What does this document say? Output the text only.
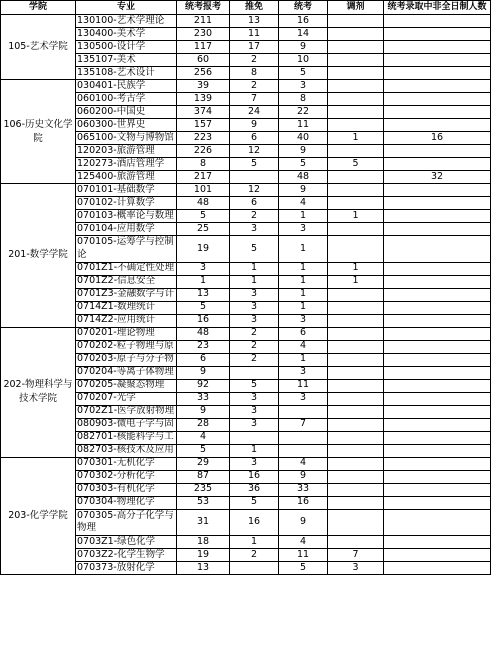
学院	专业	统考报考	推免	统考	调剂	统考录取中非全日制人数
105-艺术学院	130100-艺术学理论	211	13	16		
	130400-美术学	230	11	14		
	130500-设计学	117	17	9		
	135107-美术	60	2	10		
	135108-艺术设计	256	8	5		
106-历史文化学院	030401-民族学	39	2	3		
	060100-考古学	139	7	8		
	060200-中国史	374	24	22		
	060300-世界史	157	9	11		
	065100-文物与博物馆	223	6	40	1	16
	120203-旅游管理	226	12	9		
	120273-酒店管理学	8	5	5	5	
	125400-旅游管理	217		48		32
201-数学学院	070101-基础数学	101	12	9		
	070102-计算数学	48	6	4		
	070103-概率论与数理	5	2	1	1	
	070104-应用数学	25	3	3		
	070105-运筹学与控制论	19	5	1		
	0701Z1-不确定性处理	3	1	1	1	
	0701Z2-信息安全	1	1	1	1	
	0701Z3-金融数学与计	13	3	1		
	0714Z1-数理统计	5	3	1		
	0714Z2-应用统计	16	3	3		
202-物理科学与技术学院	070201-理论物理	48	2	6		
	070202-粒子物理与原	23	2	4		
	070203-原子与分子物	6	2	1		
	070204-等离子体物理	9		3		
	070205-凝聚态物理	92	5	11		
	070207-光学	33	3	3		
	0702Z1-医学放射物理	9	3			
	080903-微电子学与固	28	3	7		
	082701-核能科学与工	4				
	082703-核技术及应用	5	1			
203-化学学院	070301-无机化学	29	3	4		
	070302-分析化学	87	16	9		
	070303-有机化学	235	36	33		
	070304-物理化学	53	5	16		
	070305-高分子化学与物理	31	16	9		
	0703Z1-绿色化学	18	1	4		
	0703Z2-化学生物学	19	2	11	7	
	070373-放射化学	13		5	3	
